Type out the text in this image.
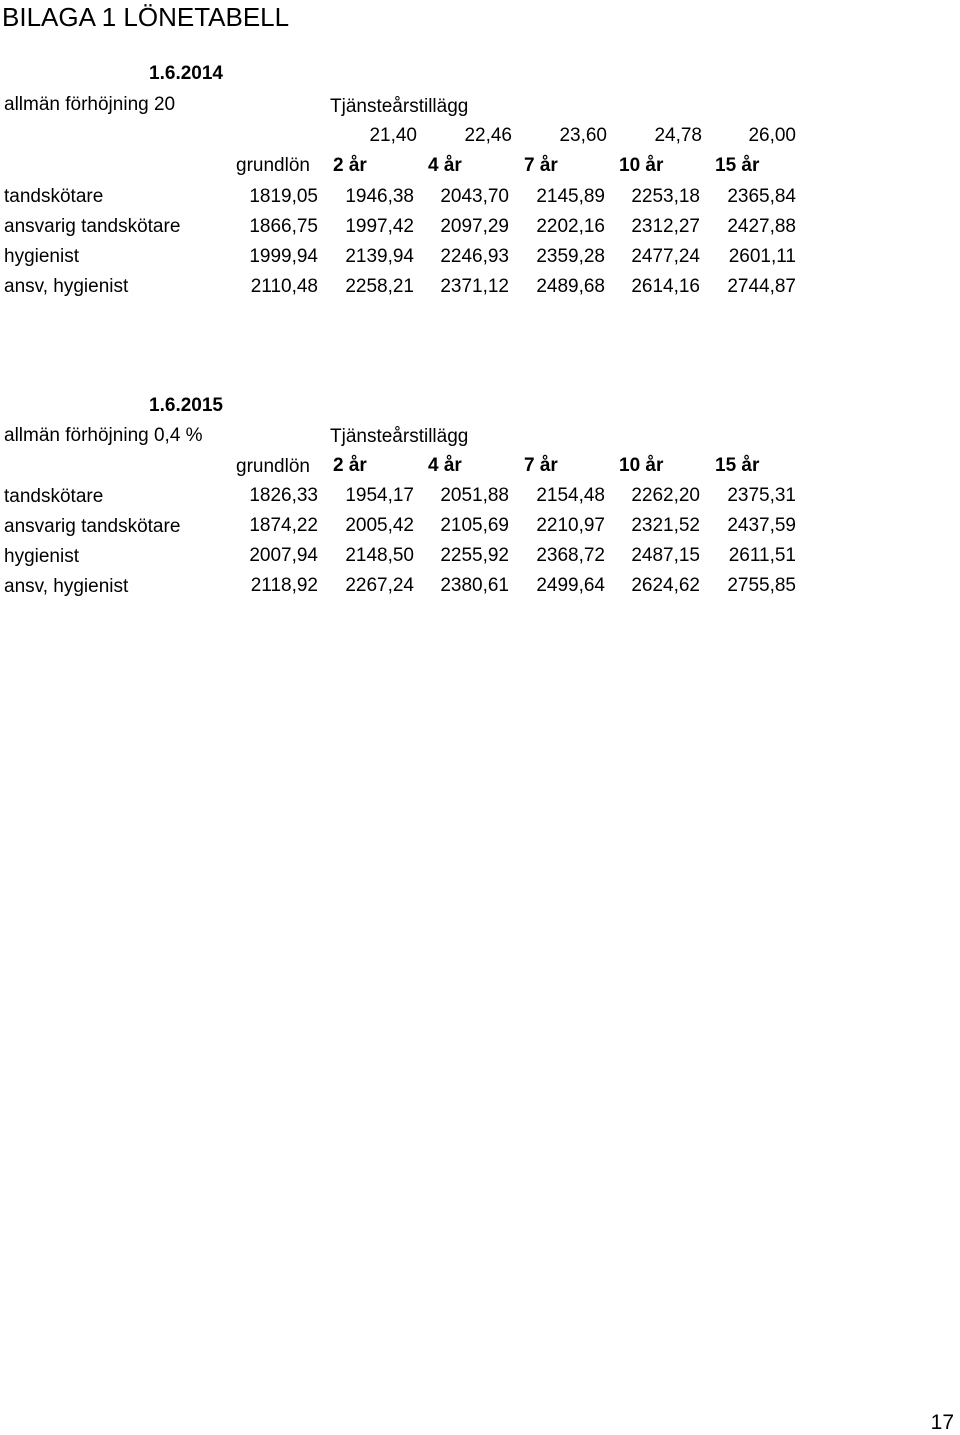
BILAGA 1 LÖNETABELL
1.6.2014
allmän förhöjning 20	Tjänsteårstillägg
21,40 22,46 23,60 24,78 26,00
grundlön 2 år	4 år	7 år	10 år	15 år
tandskötare	1819,05 1946,38 2043,70 2145,89 2253,18 2365,84
ansvarig tandskötare	1866,75 1997,42 2097,29 2202,16 2312,27 2427,88
hygienist	1999,94 2139,94 2246,93 2359,28 2477,24 2601,11
ansv, hygienist	2110,48 2258,21 2371,12 2489,68 2614,16 2744,87
1.6.2015
allmän förhöjning 0,4 %	Tjänsteårstillägg
grundlön 2 år	4 år	7 år	10 år	15 år
tandskötare	1826,33 1954,17 2051,88 2154,48 2262,20 2375,31
ansvarig tandskötare	1874,22 2005,42 2105,69 2210,97 2321,52 2437,59
hygienist	2007,94 2148,50 2255,92 2368,72 2487,15 2611,51
ansv, hygienist	2118,92 2267,24 2380,61 2499,64 2624,62 2755,85
17
